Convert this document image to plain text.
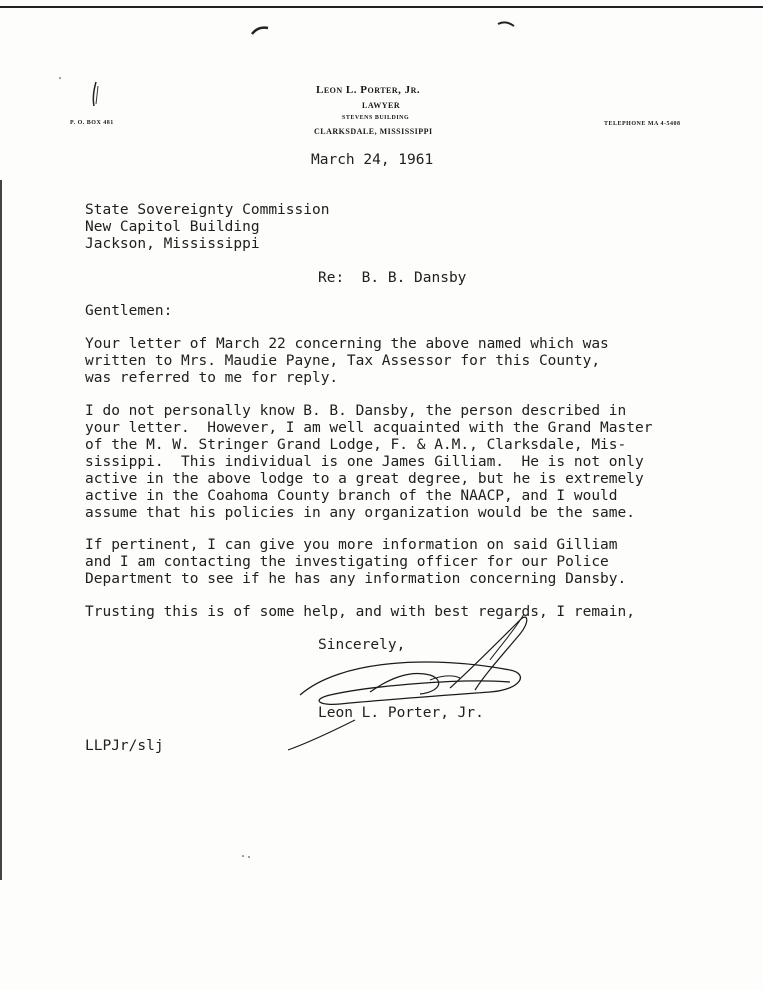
Leon L. Porter, Jr.
LAWYER
STEVENS BUILDING
CLARKSDALE, MISSISSIPPI
P. O. BOX 481	TELEPHONE MA 4-5408
March 24, 1961
State Sovereignty Commission
New Capitol Building
Jackson, Mississippi
Re:  B. B. Dansby
Gentlemen:
Your letter of March 22 concerning the above named which was
written to Mrs. Maudie Payne, Tax Assessor for this County,
was referred to me for reply.
I do not personally know B. B. Dansby, the person described in
your letter.  However, I am well acquainted with the Grand Master
of the M. W. Stringer Grand Lodge, F. & A.M., Clarksdale, Mis-
sissippi.  This individual is one James Gilliam.  He is not only
active in the above lodge to a great degree, but he is extremely
active in the Coahoma County branch of the NAACP, and I would
assume that his policies in any organization would be the same.
If pertinent, I can give you more information on said Gilliam
and I am contacting the investigating officer for our Police
Department to see if he has any information concerning Dansby.
Trusting this is of some help, and with best regards, I remain,
Sincerely,
Leon L. Porter, Jr.
LLPJr/slj
